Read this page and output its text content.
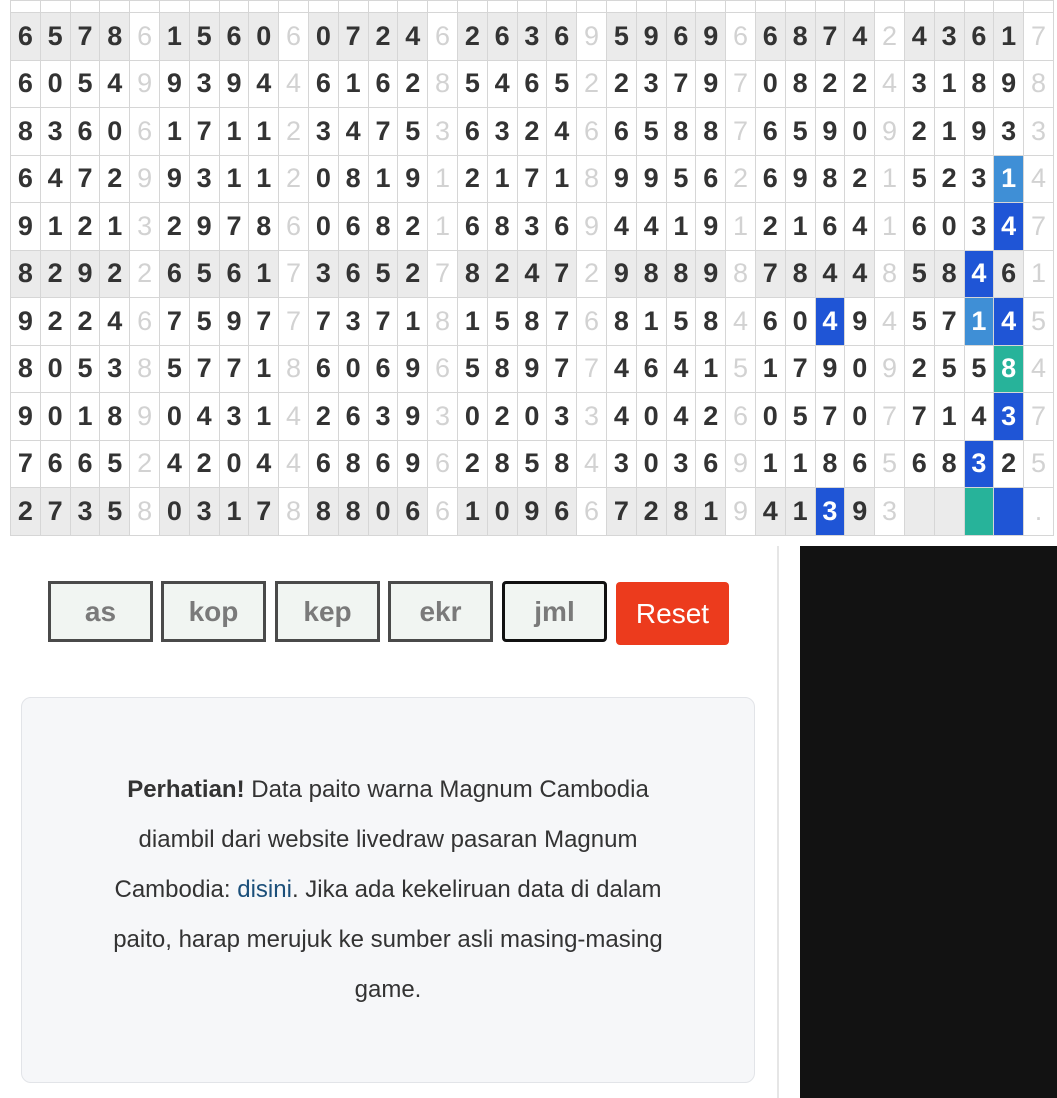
6	5	7	8	6	1	5	6	0	6	0	7	2	4	6	2	6	3	6	9	5	9	6	9	6	6	8	7	4	2	4	3	6	1	7
6	0	5	4	9	9	3	9	4	4	6	1	6	2	8	5	4	6	5	2	2	3	7	9	7	0	8	2	2	4	3	1	8	9	8
8	3	6	0	6	1	7	1	1	2	3	4	7	5	3	6	3	2	4	6	6	5	8	8	7	6	5	9	0	9	2	1	9	3	3
6	4	7	2	9	9	3	1	1	2	0	8	1	9	1	2	1	7	1	8	9	9	5	6	2	6	9	8	2	1	5	2	3	1	4
9	1	2	1	3	2	9	7	8	6	0	6	8	2	1	6	8	3	6	9	4	4	1	9	1	2	1	6	4	1	6	0	3	4	7
8	2	9	2	2	6	5	6	1	7	3	6	5	2	7	8	2	4	7	2	9	8	8	9	8	7	8	4	4	8	5	8	4	6	1
9	2	2	4	6	7	5	9	7	7	7	3	7	1	8	1	5	8	7	6	8	1	5	8	4	6	0	4	9	4	5	7	1	4	5
8	0	5	3	8	5	7	7	1	8	6	0	6	9	6	5	8	9	7	7	4	6	4	1	5	1	7	9	0	9	2	5	5	8	4
9	0	1	8	9	0	4	3	1	4	2	6	3	9	3	0	2	0	3	3	4	0	4	2	6	0	5	7	0	7	7	1	4	3	7
7	6	6	5	2	4	2	0	4	4	6	8	6	9	6	2	8	5	8	4	3	0	3	6	9	1	1	8	6	5	6	8	3	2	5
2	7	3	5	8	0	3	1	7	8	8	8	0	6	6	1	0	9	6	6	7	2	8	1	9	4	1	3	9	3					.
as
kop
kep
ekr
jml
Reset

Perhatian! Data paito warna Magnum Cambodia diambil dari website livedraw pasaran Magnum Cambodia: disini. Jika ada kekeliruan data di dalam paito, harap merujuk ke sumber asli masing-masing game.
